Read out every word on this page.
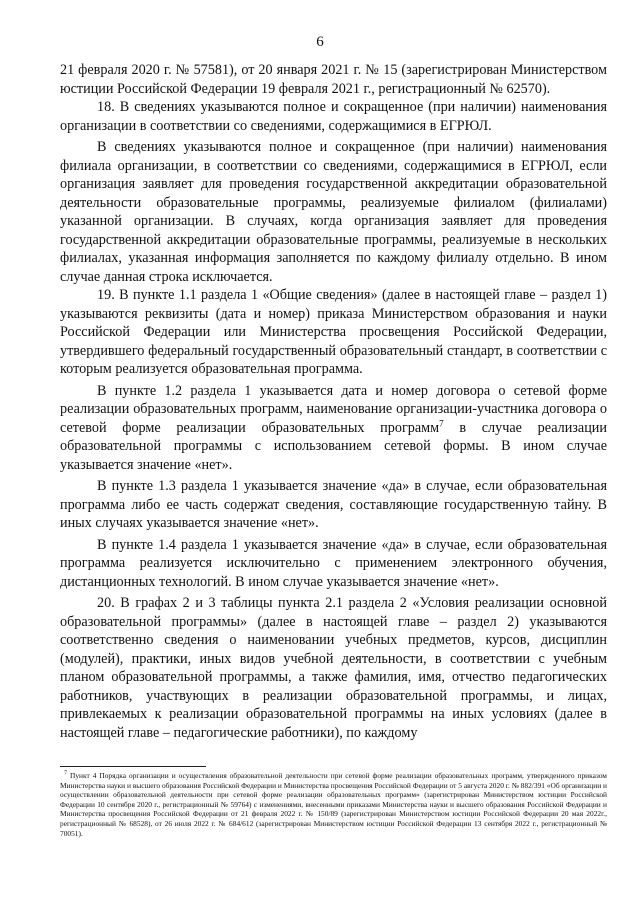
6

21 февраля 2020 г. № 57581), от 20 января 2021 г. № 15 (зарегистрирован Министерством юстиции Российской Федерации 19 февраля 2021 г., регистрационный № 62570).

18. В сведениях указываются полное и сокращенное (при наличии) наименования организации в соответствии со сведениями, содержащимися в ЕГРЮЛ.

В сведениях указываются полное и сокращенное (при наличии) наименования филиала организации, в соответствии со сведениями, содержащимися в ЕГРЮЛ, если организация заявляет для проведения государственной аккредитации образовательной деятельности образовательные программы, реализуемые филиалом (филиалами) указанной организации. В случаях, когда организация заявляет для проведения государственной аккредитации образовательные программы, реализуемые в нескольких филиалах, указанная информация заполняется по каждому филиалу отдельно. В ином случае данная строка исключается.

19. В пункте 1.1 раздела 1 «Общие сведения» (далее в настоящей главе – раздел 1) указываются реквизиты (дата и номер) приказа Министерством образования и науки Российской Федерации или Министерства просвещения Российской Федерации, утвердившего федеральный государственный образовательный стандарт, в соответствии с которым реализуется образовательная программа.

В пункте 1.2 раздела 1 указывается дата и номер договора о сетевой форме реализации образовательных программ, наименование организации-участника договора о сетевой форме реализации образовательных программ$^7$ в случае реализации образовательной программы с использованием сетевой формы. В ином случае указывается значение «нет».

В пункте 1.3 раздела 1 указывается значение «да» в случае, если образовательная программа либо ее часть содержат сведения, составляющие государственную тайну. В иных случаях указывается значение «нет».

В пункте 1.4 раздела 1 указывается значение «да» в случае, если образовательная программа реализуется исключительно с применением электронного обучения, дистанционных технологий. В ином случае указывается значение «нет».

20. В графах 2 и 3 таблицы пункта 2.1 раздела 2 «Условия реализации основной образовательной программы» (далее в настоящей главе – раздел 2) указываются соответственно сведения о наименовании учебных предметов, курсов, дисциплин (модулей), практики, иных видов учебной деятельности, в соответствии с учебным планом образовательной программы, а также фамилия, имя, отчество педагогических работников, участвующих в реализации образовательной программы, и лицах, привлекаемых к реализации образовательной программы на иных условиях (далее в настоящей главе – педагогические работники), по каждому

$^7$ Пункт 4 Порядка организации и осуществления образовательной деятельности при сетевой форме реализации образовательных программ, утвержденного приказом Министерства науки и высшего образования Российской Федерации и Министерства просвещения Российской Федерации от 5 августа 2020 г. № 882/391 «Об организации и осуществлении образовательной деятельности при сетевой форме реализации образовательных программ» (зарегистрирован Министерством юстиции Российской Федерации 10 сентября 2020 г., регистрационный № 59764) с изменениями, внесенными приказами Министерства науки и высшего образования Российской Федерации и Министерства просвещения Российской Федерации от 21 февраля 2022 г. № 150/89 (зарегистрирован Министерством юстиции Российской Федерации 20 мая 2022г., регистрационный № 68528), от 26 июля 2022 г. № 684/612 (зарегистрирован Министерством юстиции Российской Федерации 13 сентября 2022 г., регистрационный № 70051).
